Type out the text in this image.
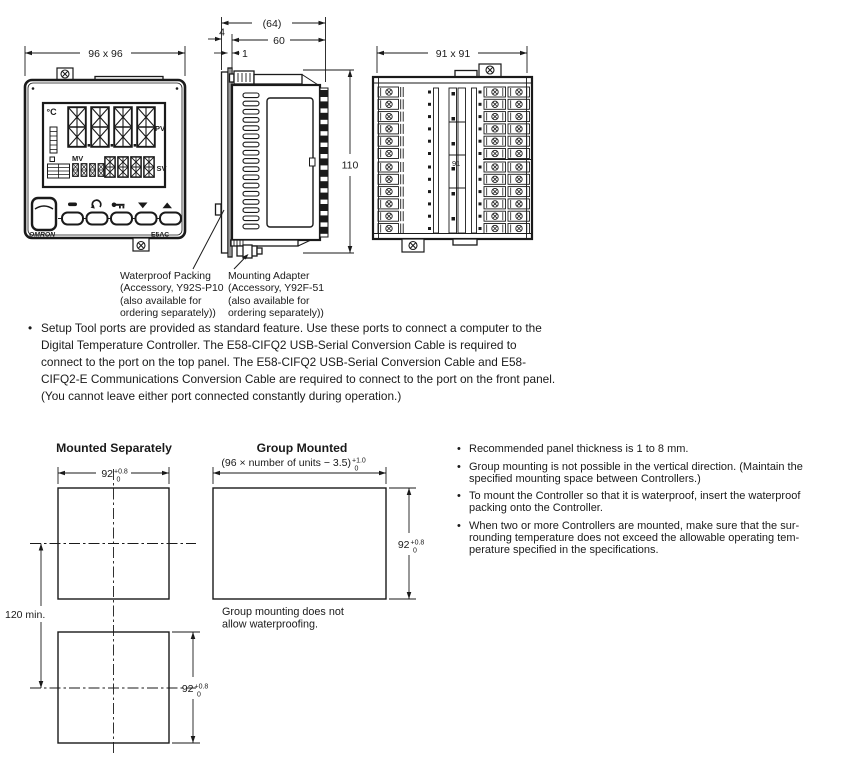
96 x 96
°C
PV
MV
SV
OMRON	E5AC
(64)
60
4
1
110
91 x 91
91
Waterproof Packing
(Accessory, Y92S-P10
(also available for
ordering separately))
Mounting Adapter
(Accessory, Y92F-51
(also available for
ordering separately))
• Setup Tool ports are provided as standard feature. Use these ports to connect a computer to the
Digital Temperature Controller. The E58-CIFQ2 USB-Serial Conversion Cable is required to
connect to the port on the top panel. The E58-CIFQ2 USB-Serial Conversion Cable and E58-
CIFQ2-E Communications Conversion Cable are required to connect to the port on the front panel.
(You cannot leave either port connected constantly during operation.)
Mounted Separately	Group Mounted
(96 × number of units − 3.5) +1.0
0
92 +0.8
0
120 min.
92 +0.8
0
92 +0.8
0
Group mounting does not
allow waterproofing.
• Recommended panel thickness is 1 to 8 mm.
• Group mounting is not possible in the vertical direction. (Maintain the
specified mounting space between Controllers.)
• To mount the Controller so that it is waterproof, insert the waterproof
packing onto the Controller.
• When two or more Controllers are mounted, make sure that the sur-
rounding temperature does not exceed the allowable operating tem-
perature specified in the specifications.
